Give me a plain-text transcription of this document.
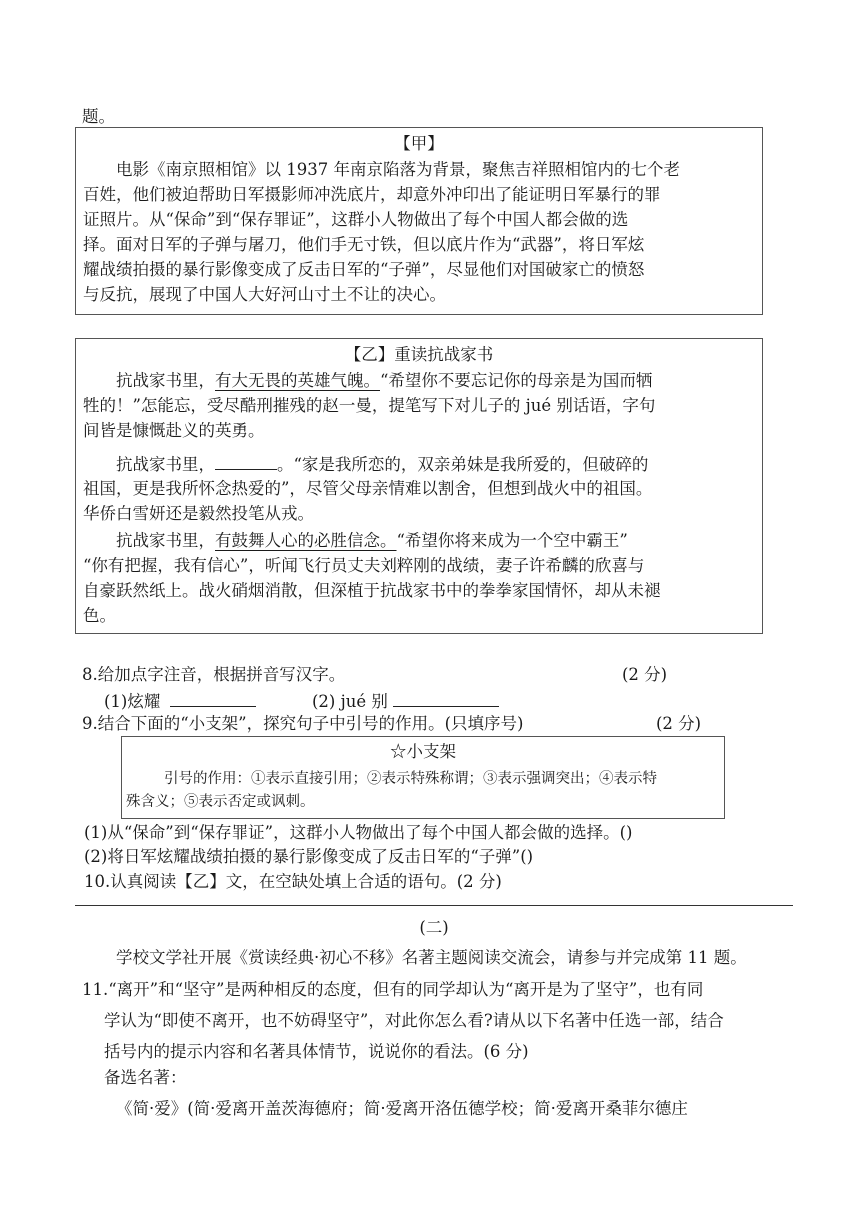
题。
【甲】
电影《南京照相馆》以 1937 年南京陷落为背景，聚焦吉祥照相馆内的七个老
百姓，他们被迫帮助日军摄影师冲洗底片，却意外冲印出了能证明日军暴行的罪
证照片。从“保命”到“保存罪证”，这群小人物做出了每个中国人都会做的选
择。面对日军的子弹与屠刀，他们手无寸铁，但以底片作为“武器”，将日军炫
耀战绩拍摄的暴行影像变成了反击日军的“子弹”，尽显他们对国破家亡的愤怒
与反抗，展现了中国人大好河山寸土不让的决心。
【乙】重读抗战家书
抗战家书里，有大无畏的英雄气魄。“希望你不要忘记你的母亲是为国而牺
牲的！”怎能忘，受尽酷刑摧残的赵一曼，提笔写下对儿子的 jué 别话语，字句
间皆是慷慨赴义的英勇。
抗战家书里，	。“家是我所恋的，双亲弟妹是我所爱的，但破碎的
祖国，更是我所怀念热爱的”，尽管父母亲情难以割舍，但想到战火中的祖国。
华侨白雪妍还是毅然投笔从戎。
抗战家书里，有鼓舞人心的必胜信念。“希望你将来成为一个空中霸王”
“你有把握，我有信心”，听闻飞行员丈夫刘粹刚的战绩，妻子许希麟的欣喜与
自豪跃然纸上。战火硝烟消散，但深植于抗战家书中的拳拳家国情怀，却从未褪
色。
8.给加点字注音，根据拼音写汉字。	(2 分)
(1)炫耀	(2) jué 别
9.结合下面的“小支架”，探究句子中引号的作用。(只填序号)	(2 分)
☆小支架
引号的作用：①表示直接引用；②表示特殊称谓；③表示强调突出；④表示特
殊含义；⑤表示否定或讽刺。
(1)从“保命”到“保存罪证”，这群小人物做出了每个中国人都会做的选择。()
(2)将日军炫耀战绩拍摄的暴行影像变成了反击日军的“子弹”()
10.认真阅读【乙】文，在空缺处填上合适的语句。(2 分)
(二)
学校文学社开展《赏读经典·初心不移》名著主题阅读交流会，请参与并完成第 11 题。
11.“离开”和“坚守”是两种相反的态度，但有的同学却认为“离开是为了坚守”，也有同
学认为“即使不离开，也不妨碍坚守”，对此你怎么看?请从以下名著中任选一部，结合
括号内的提示内容和名著具体情节，说说你的看法。(6 分)
备选名著：
《简·爱》(简·爱离开盖茨海德府；简·爱离开洛伍德学校；简·爱离开桑菲尔德庄
